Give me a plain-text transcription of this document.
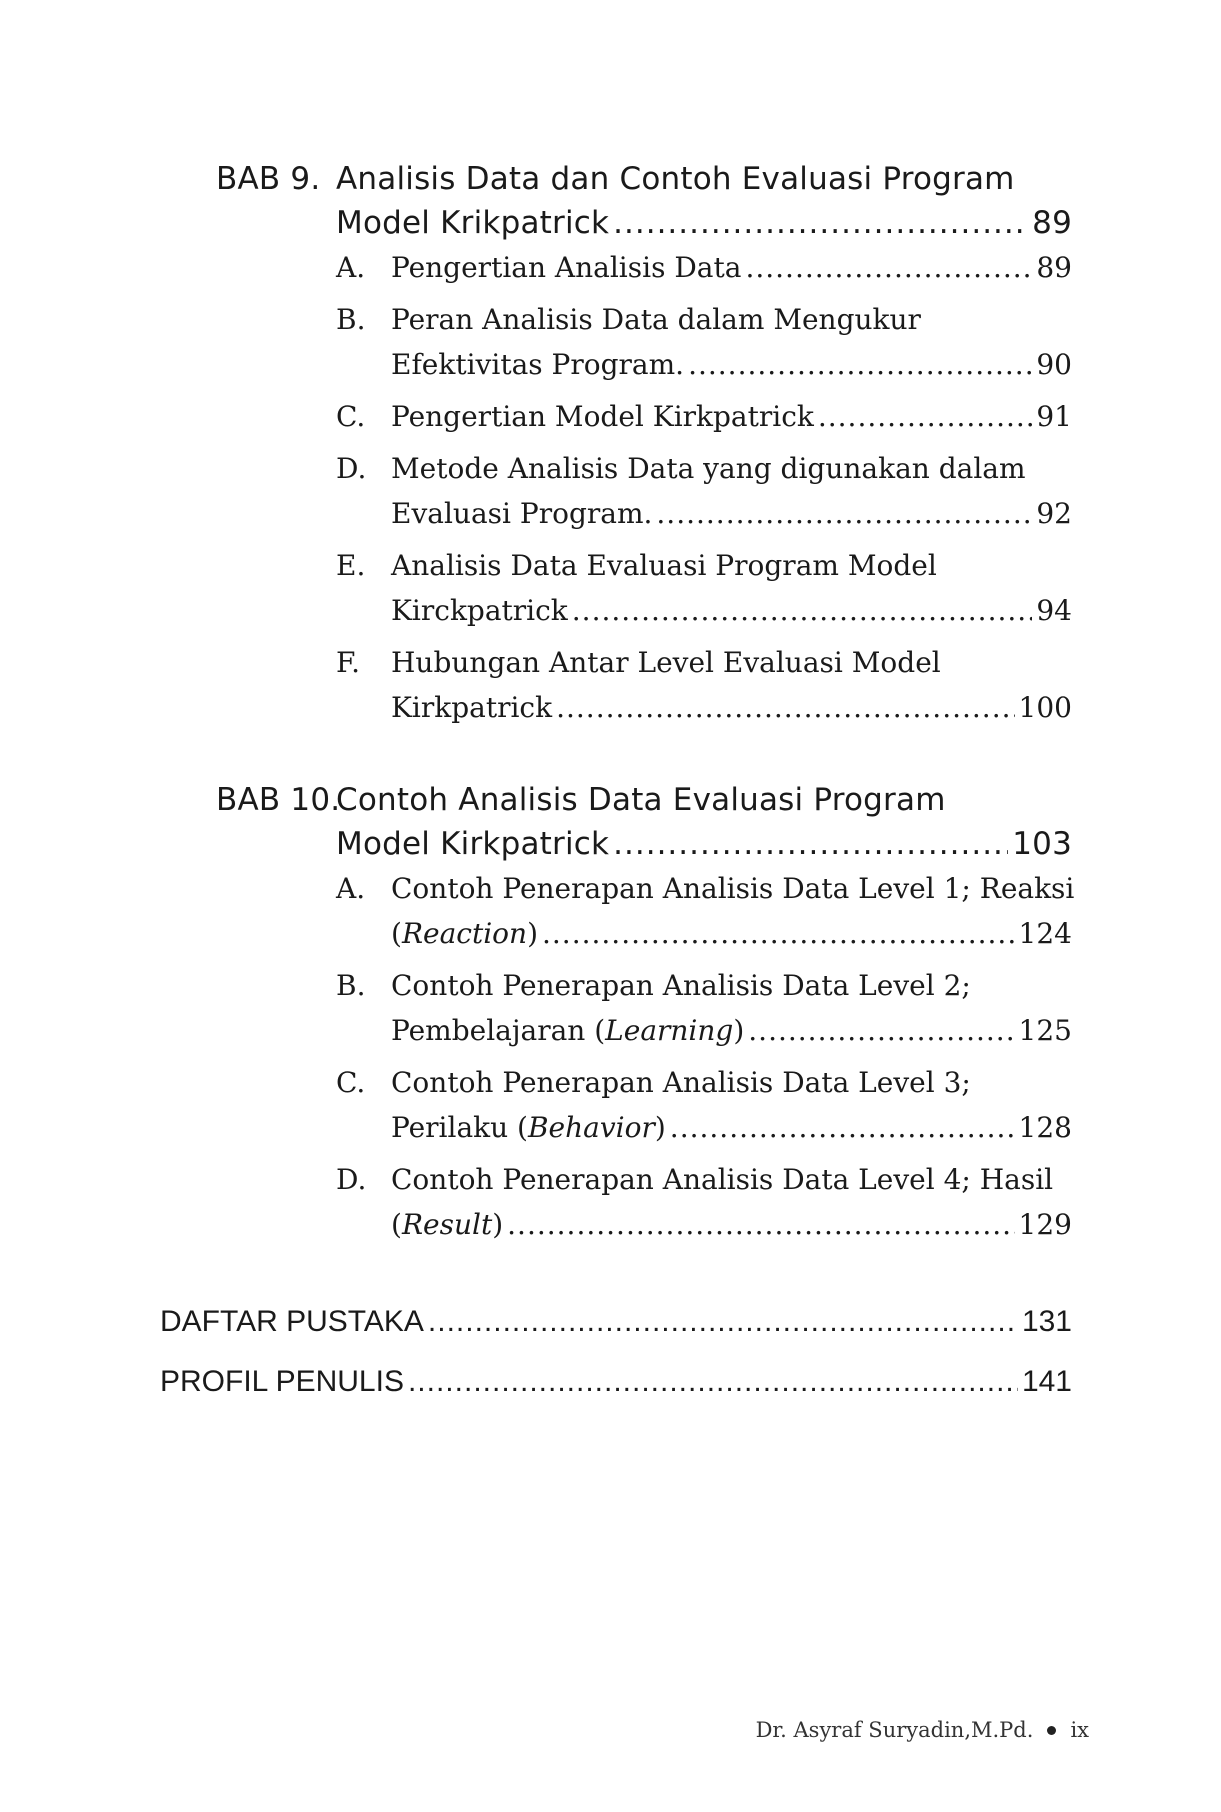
BAB 9. Analisis Data dan Contoh Evaluasi Program
Model Krikpatrick .....	89
A. Pengertian Analisis Data .....	89
B. Peran Analisis Data dalam Mengukur
Efektivitas Program. .....	90
C. Pengertian Model Kirkpatrick .....	91
D. Metode Analisis Data yang digunakan dalam
Evaluasi Program. .....	92
E. Analisis Data Evaluasi Program Model
Kirckpatrick .....	94
F.	Hubungan Antar Level Evaluasi Model
Kirkpatrick .....	100
BAB 10.
Contoh Analisis Data Evaluasi Program
Model Kirkpatrick .....	103
A. Contoh Penerapan Analisis Data Level 1; Reaksi
(Reaction) .....	124
B. Contoh Penerapan Analisis Data Level 2;
Pembelajaran (Learning) .....	125
C. Contoh Penerapan Analisis Data Level 3;
Perilaku (Behavior) .....	128
D. Contoh Penerapan Analisis Data Level 4; Hasil
(Result) .....	129
DAFTAR PUSTAKA .....	131
PROFIL PENULIS .....	141
Dr. Asyraf Suryadin,M.Pd. ix
